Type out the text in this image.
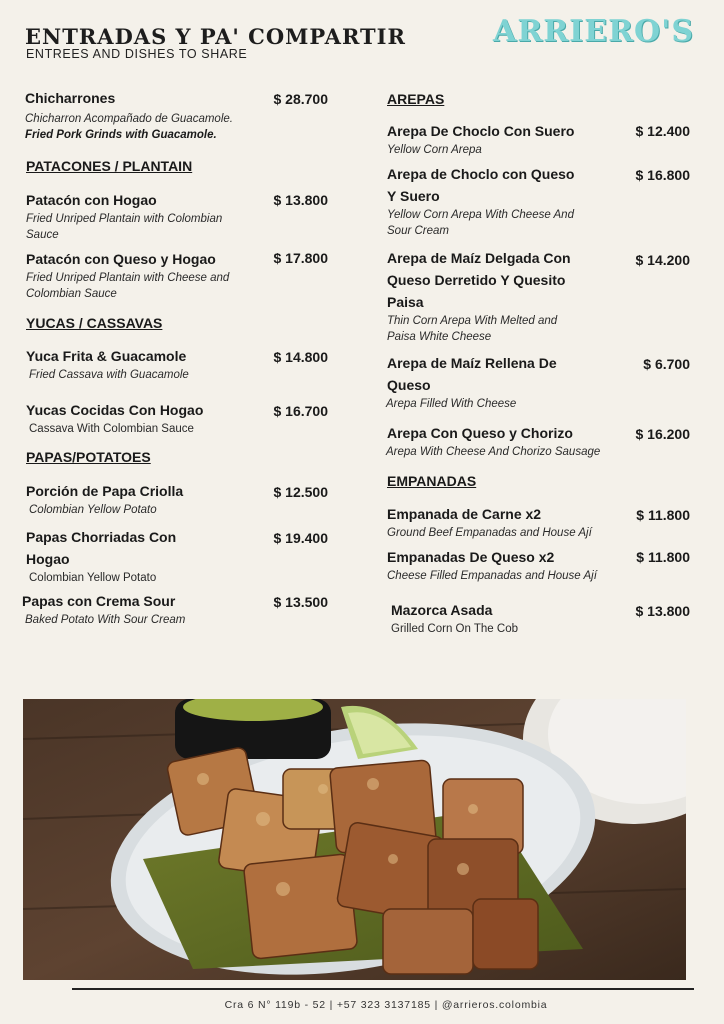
ENTRADAS Y PA' COMPARTIR
ENTREES AND DISHES TO SHARE
ARRIERO'S
Chicharrones
Chicharron Acompañado de Guacamole.
Fried Pork Grinds with Guacamole.
$ 28.700
PATACONES / PLANTAIN
Patacón con Hogao
Fried Unriped Plantain with Colombian
Sauce
$ 13.800
Patacón con Queso y Hogao
Fried Unriped Plantain with Cheese and
Colombian Sauce
$ 17.800
YUCAS / CASSAVAS
Yuca Frita & Guacamole
Fried Cassava with Guacamole
$ 14.800
Yucas Cocidas Con Hogao
Cassava With Colombian Sauce
$ 16.700
PAPAS/POTATOES
Porción de Papa Criolla
Colombian Yellow Potato
$ 12.500
Papas Chorriadas Con
Hogao
Colombian Yellow Potato
$ 19.400
Papas con Crema Sour
Baked Potato With Sour Cream
$ 13.500
AREPAS
Arepa De Choclo Con Suero
Yellow Corn Arepa
$ 12.400
Arepa de Choclo con Queso
Y Suero
Yellow Corn Arepa With Cheese And
Sour Cream
$ 16.800
Arepa de Maíz Delgada Con
Queso Derretido Y Quesito
Paisa
Thin Corn Arepa With Melted and
Paisa White Cheese
$ 14.200
Arepa de Maíz Rellena De
Queso
Arepa Filled With Cheese
$ 6.700
Arepa Con Queso y Chorizo
Arepa With Cheese And Chorizo Sausage
$ 16.200
EMPANADAS
Empanada de Carne x2
Ground Beef Empanadas and House Ají
$ 11.800
Empanadas De Queso x2
Cheese Filled Empanadas and House Ají
$ 11.800
Mazorca Asada
Grilled Corn On The Cob
$ 13.800
Cra 6 N° 119b - 52 | +57 323 3137185 | @arrieros.colombia
